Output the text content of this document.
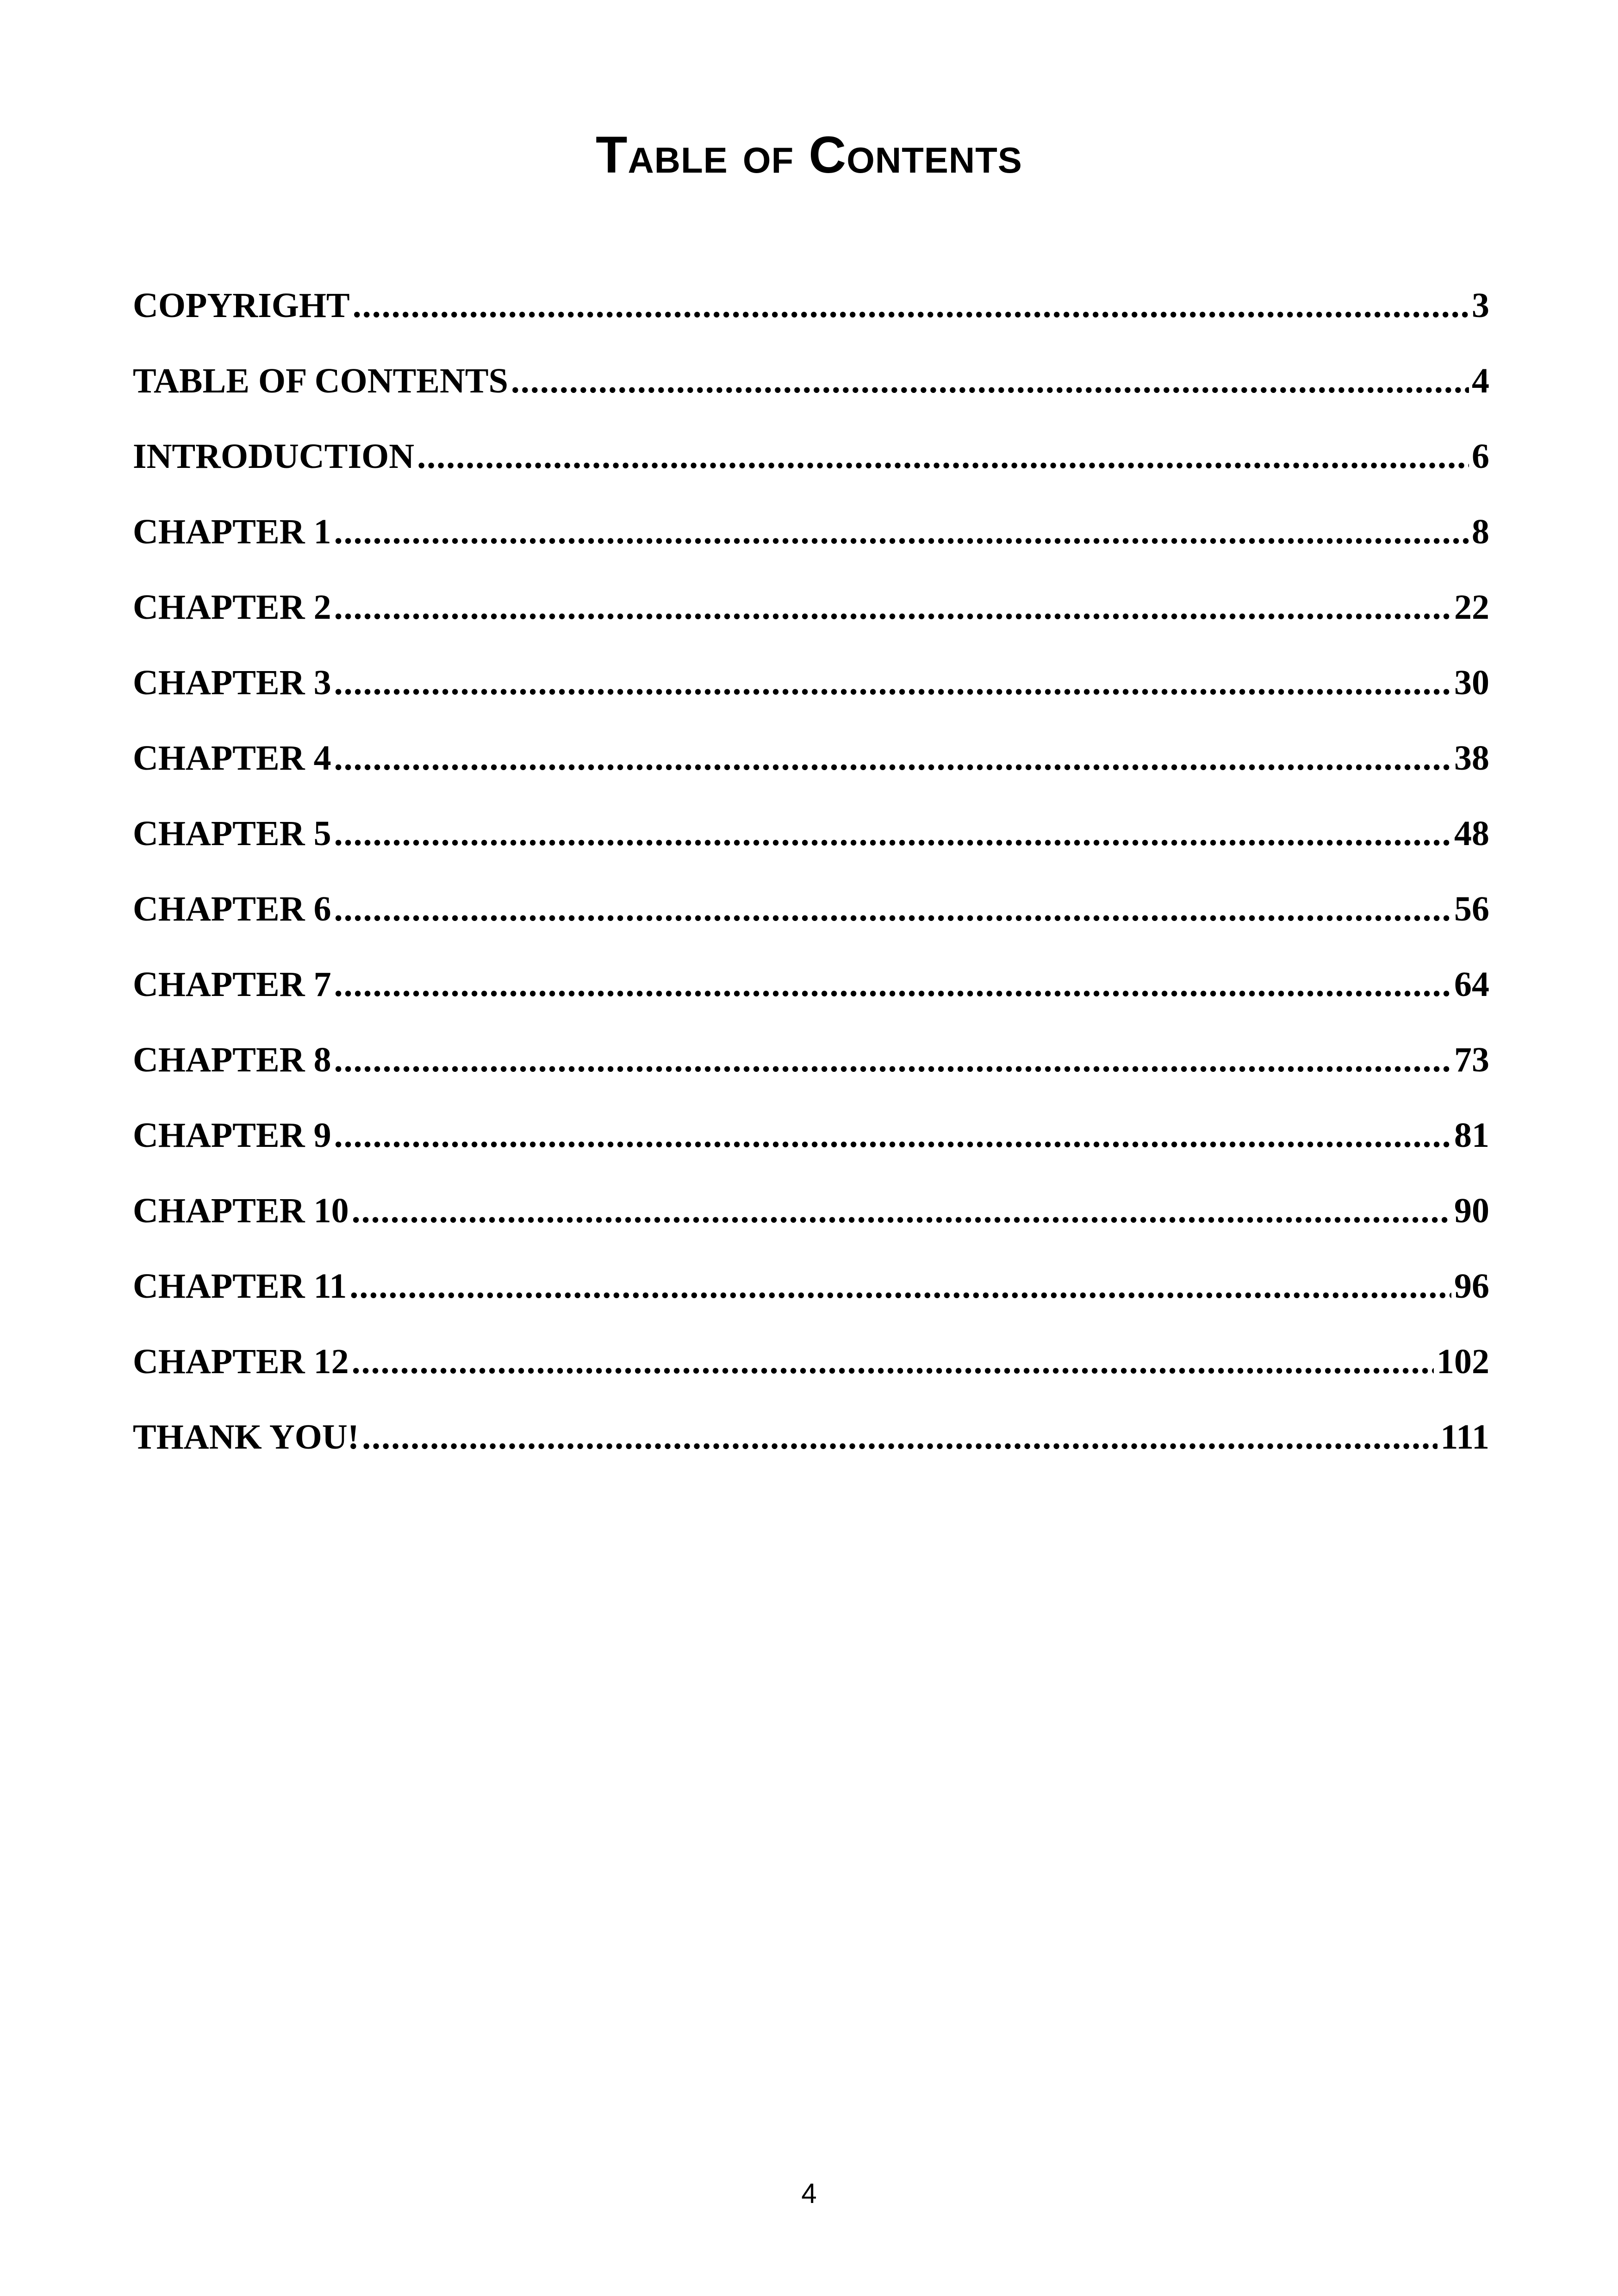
Table of Contents
COPYRIGHT .....	3
TABLE OF CONTENTS .....	4
INTRODUCTION .....	6
CHAPTER 1 .....	8
CHAPTER 2 .....	22
CHAPTER 3 .....	30
CHAPTER 4 .....	38
CHAPTER 5 .....	48
CHAPTER 6 .....	56
CHAPTER 7 .....	64
CHAPTER 8 .....	73
CHAPTER 9 .....	81
CHAPTER 10 .....	90
CHAPTER 11 .....	96
CHAPTER 12 .....	102
THANK YOU! .....	111
4
